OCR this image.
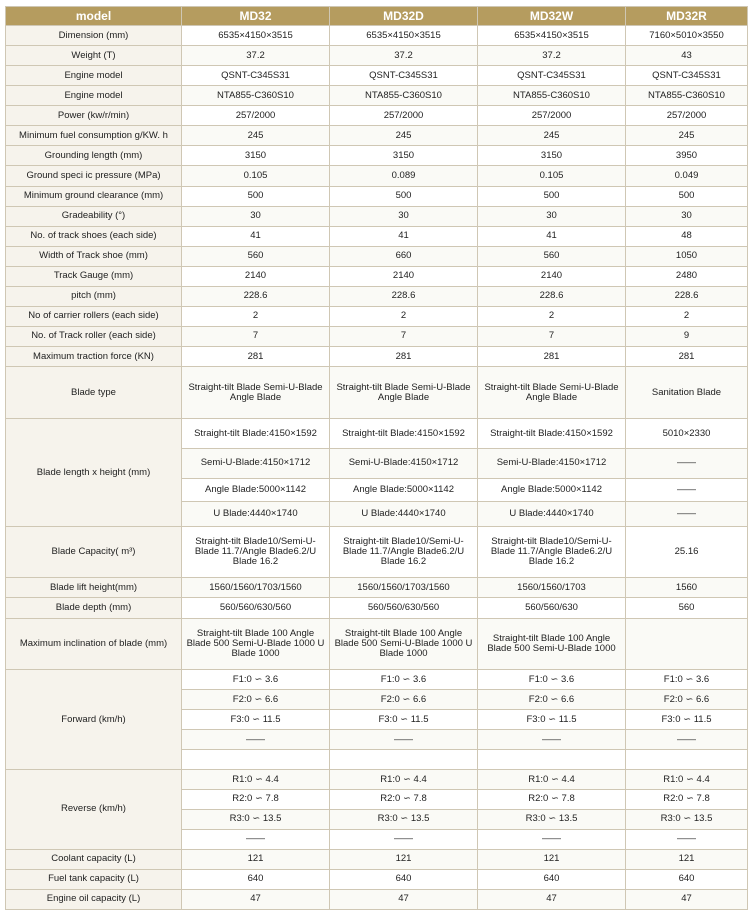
model	MD32	MD32D	MD32W	MD32R
Dimension (mm)	6535×4150×3515	6535×4150×3515	6535×4150×3515	7160×5010×3550
Weight (T)	37.2	37.2	37.2	43
Engine model	QSNT-C345S31	QSNT-C345S31	QSNT-C345S31	QSNT-C345S31
Engine model	NTA855-C360S10	NTA855-C360S10	NTA855-C360S10	NTA855-C360S10
Power (kw/r/min)	257/2000	257/2000	257/2000	257/2000
Minimum fuel consumption g/KW. h	245	245	245	245
Grounding length (mm)	3150	3150	3150	3950
Ground speci ic pressure (MPa)	0.105	0.089	0.105	0.049
Minimum ground clearance (mm)	500	500	500	500
Gradeability (°)	30	30	30	30
No. of track shoes (each side)	41	41	41	48
Width of Track shoe (mm)	560	660	560	1050
Track Gauge (mm)	2140	2140	2140	2480
pitch (mm)	228.6	228.6	228.6	228.6
No of carrier rollers (each side)	2	2	2	2
No. of Track roller (each side)	7	7	7	9
Maximum traction force (KN)	281	281	281	281
Blade type	Straight-tilt Blade Semi-U-Blade Angle Blade	Straight-tilt Blade Semi-U-Blade Angle Blade	Straight-tilt Blade Semi-U-Blade Angle Blade	Sanitation Blade
Blade length x height (mm)	Straight-tilt Blade:4150×1592	Straight-tilt Blade:4150×1592	Straight-tilt Blade:4150×1592	5010×2330
	Semi-U-Blade:4150×1712	Semi-U-Blade:4150×1712	Semi-U-Blade:4150×1712	——
	Angle Blade:5000×1142	Angle Blade:5000×1142	Angle Blade:5000×1142	——
	U Blade:4440×1740	U Blade:4440×1740	U Blade:4440×1740	——
Blade Capacity( m³)	Straight-tilt Blade10/Semi-U-Blade 11.7/Angle Blade6.2/U Blade 16.2	Straight-tilt Blade10/Semi-U-Blade 11.7/Angle Blade6.2/U Blade 16.2	Straight-tilt Blade10/Semi-U-Blade 11.7/Angle Blade6.2/U Blade 16.2	25.16
Blade lift height(mm)	1560/1560/1703/1560	1560/1560/1703/1560	1560/1560/1703	1560
Blade depth (mm)	560/560/630/560	560/560/630/560	560/560/630	560
Maximum inclination of blade (mm)	Straight-tilt Blade 100 Angle Blade 500 Semi-U-Blade 1000 U Blade 1000	Straight-tilt Blade 100 Angle Blade 500 Semi-U-Blade 1000 U Blade 1000	Straight-tilt Blade 100 Angle Blade 500 Semi-U-Blade 1000	
Forward (km/h)	F1:0 ∽ 3.6	F1:0 ∽ 3.6	F1:0 ∽ 3.6	F1:0 ∽ 3.6
	F2:0 ∽ 6.6	F2:0 ∽ 6.6	F2:0 ∽ 6.6	F2:0 ∽ 6.6
	F3:0 ∽ 11.5	F3:0 ∽ 11.5	F3:0 ∽ 11.5	F3:0 ∽ 11.5
	——	——	——	——

Reverse (km/h)	R1:0 ∽ 4.4	R1:0 ∽ 4.4	R1:0 ∽ 4.4	R1:0 ∽ 4.4
	R2:0 ∽ 7.8	R2:0 ∽ 7.8	R2:0 ∽ 7.8	R2:0 ∽ 7.8
	R3:0 ∽ 13.5	R3:0 ∽ 13.5	R3:0 ∽ 13.5	R3:0 ∽ 13.5
	——	——	——	——
Coolant capacity (L)	121	121	121	121
Fuel tank capacity (L)	640	640	640	640
Engine oil capacity (L)	47	47	47	47
